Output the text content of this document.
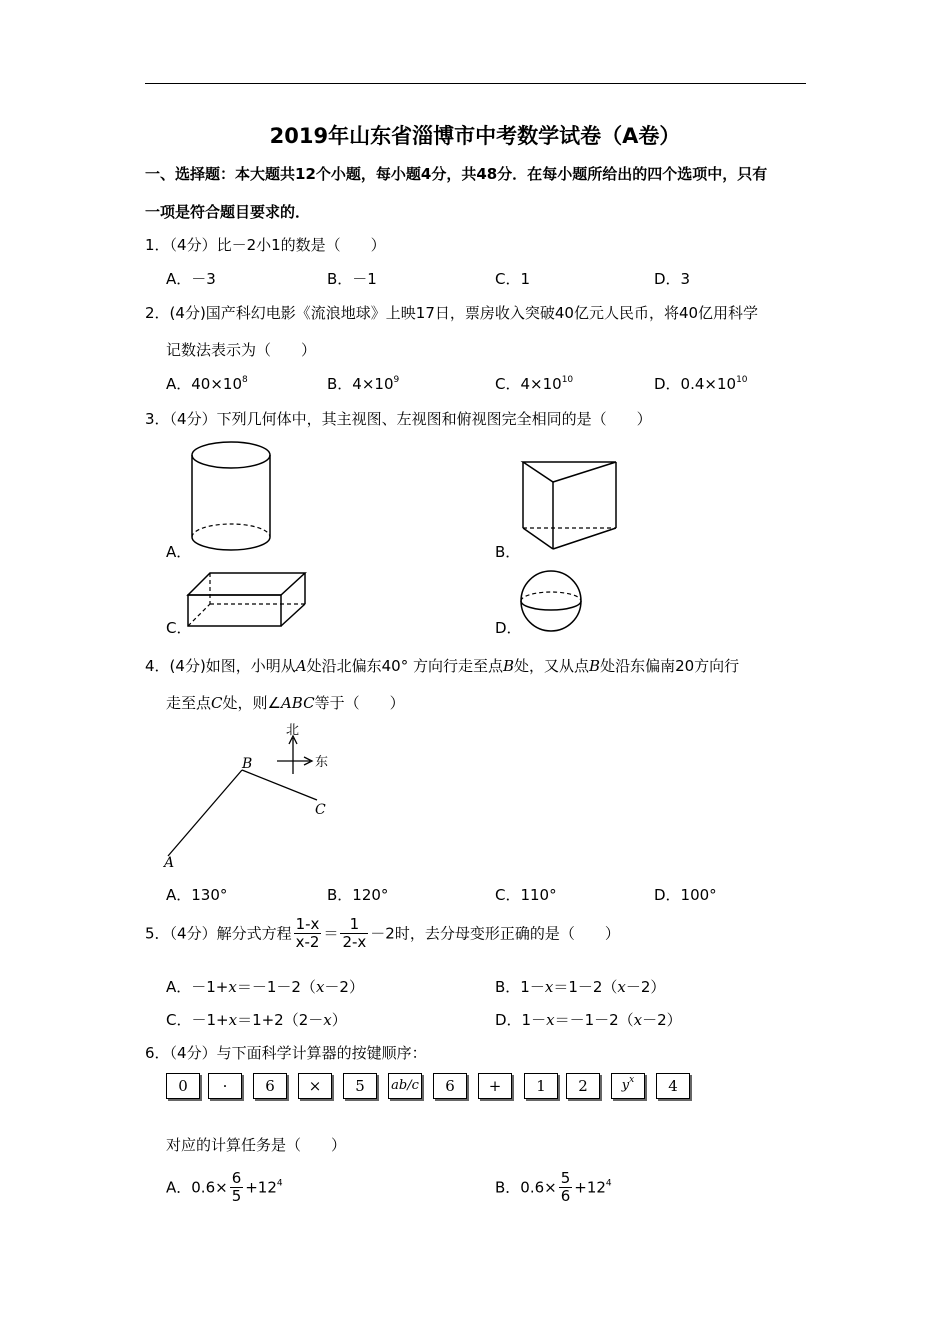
2019年山东省淄博市中考数学试卷（A卷）
一、选择题：本大题共12个小题，每小题4分，共48分．在每小题所给出的四个选项中，只有
一项是符合题目要求的．
1．（4分）比－2小1的数是（　　）
A．－3	B．－1	C．1	D．3
2．(4分)国产科幻电影《流浪地球》上映17日，票房收入突破40亿元人民币，将40亿用科学
记数法表示为（　　）
A．$40\times 10^8$	B．$4\times 10^9$	C．$4\times 10^{10}$	D．$0.4\times 10^{10}$
3．（4分）下列几何体中，其主视图、左视图和俯视图完全相同的是（　　）
A．	B．
C．	D．
4．(4分)如图，小明从A处沿北偏东40° 方向行走至点B处，又从点B处沿东偏南20方向行
走至点C处，则∠ABC等于（　　）
北
东
A
B
C
A．130°	B．120°	C．110°	D．100°
5．（4分）解分式方程 $\frac{1-x}{x-2} = \frac{1}{2-x} -2$时，去分母变形正确的是（　　）
A．－1+x＝－1－2（x－2）	B．1－x＝1－2（x－2）
C．－1+x＝1+2（2－x）	D．1－x＝－1－2（x－2）
6．（4分）与下面科学计算器的按键顺序：
0	·	6	×	5	ab/c	6	+	1	2	$y^x$	4
对应的计算任务是（　　）
A．$0.6\times \frac{6}{5} +12^4$	B．$0.6\times \frac{5}{6} +12^4$
